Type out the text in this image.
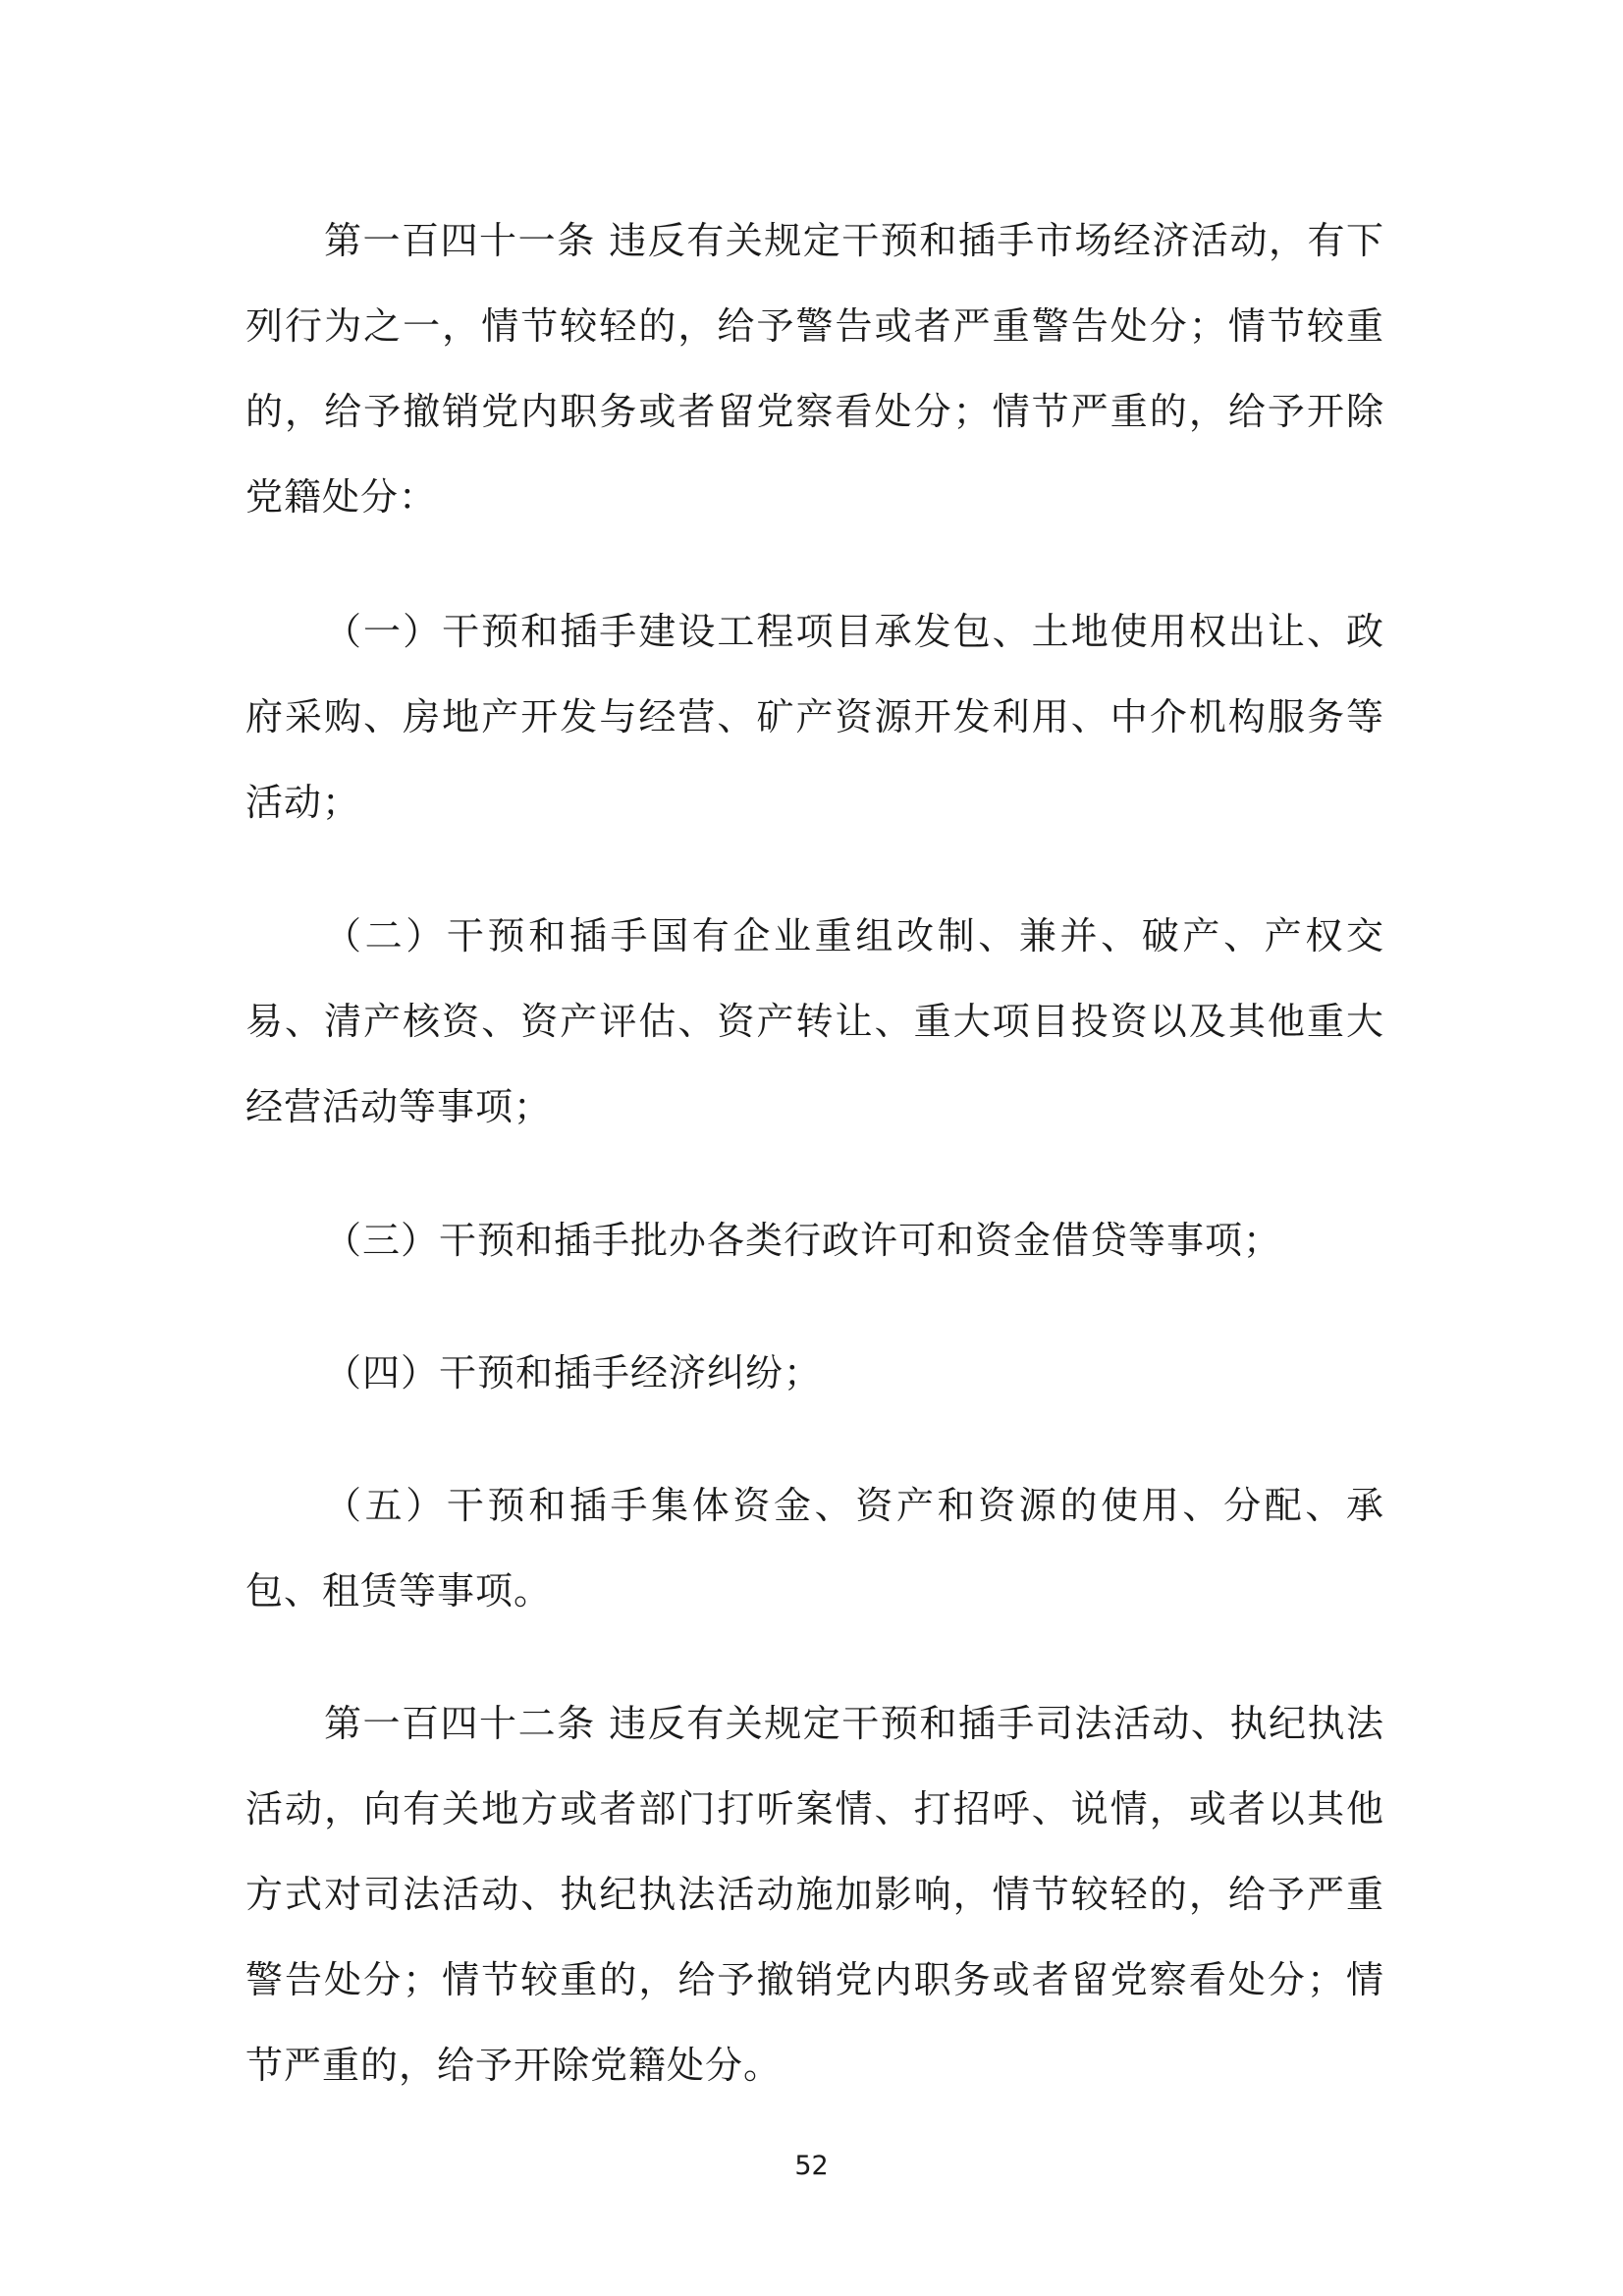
第一百四十一条 违反有关规定干预和插手市场经济活动，有下列行为之一，情节较轻的，给予警告或者严重警告处分；情节较重的，给予撤销党内职务或者留党察看处分；情节严重的，给予开除党籍处分：

（一）干预和插手建设工程项目承发包、土地使用权出让、政府采购、房地产开发与经营、矿产资源开发利用、中介机构服务等活动；

（二）干预和插手国有企业重组改制、兼并、破产、产权交易、清产核资、资产评估、资产转让、重大项目投资以及其他重大经营活动等事项；

（三）干预和插手批办各类行政许可和资金借贷等事项；

（四）干预和插手经济纠纷；

（五）干预和插手集体资金、资产和资源的使用、分配、承包、租赁等事项。

第一百四十二条 违反有关规定干预和插手司法活动、执纪执法活动，向有关地方或者部门打听案情、打招呼、说情，或者以其他方式对司法活动、执纪执法活动施加影响，情节较轻的，给予严重警告处分；情节较重的，给予撤销党内职务或者留党察看处分；情节严重的，给予开除党籍处分。

52
